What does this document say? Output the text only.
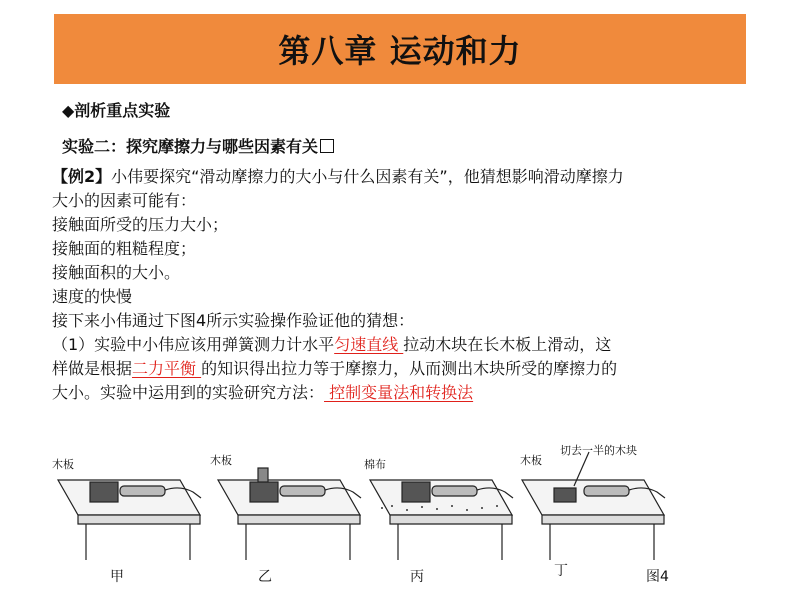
第八章 运动和力
◆剖析重点实验
实验二：探究摩擦力与哪些因素有关
【例2】小伟要探究“滑动摩擦力的大小与什么因素有关”，他猜想影响滑动摩擦力
大小的因素可能有：
接触面所受的压力大小；
接触面的粗糙程度；
接触面积的大小。
速度的快慢
接下来小伟通过下图4所示实验操作验证他的猜想：
（1）实验中小伟应该用弹簧测力计水平匀速直线 拉动木块在长木板上滑动，这
样做是根据二力平衡 的知识得出拉力等于摩擦力，从而测出木块所受的摩擦力的
大小。实验中运用到的实验研究方法： 控制变量法和转换法
木板	木板	棉布	木板
切去一半的木块
甲	乙	丙	丁	图4
